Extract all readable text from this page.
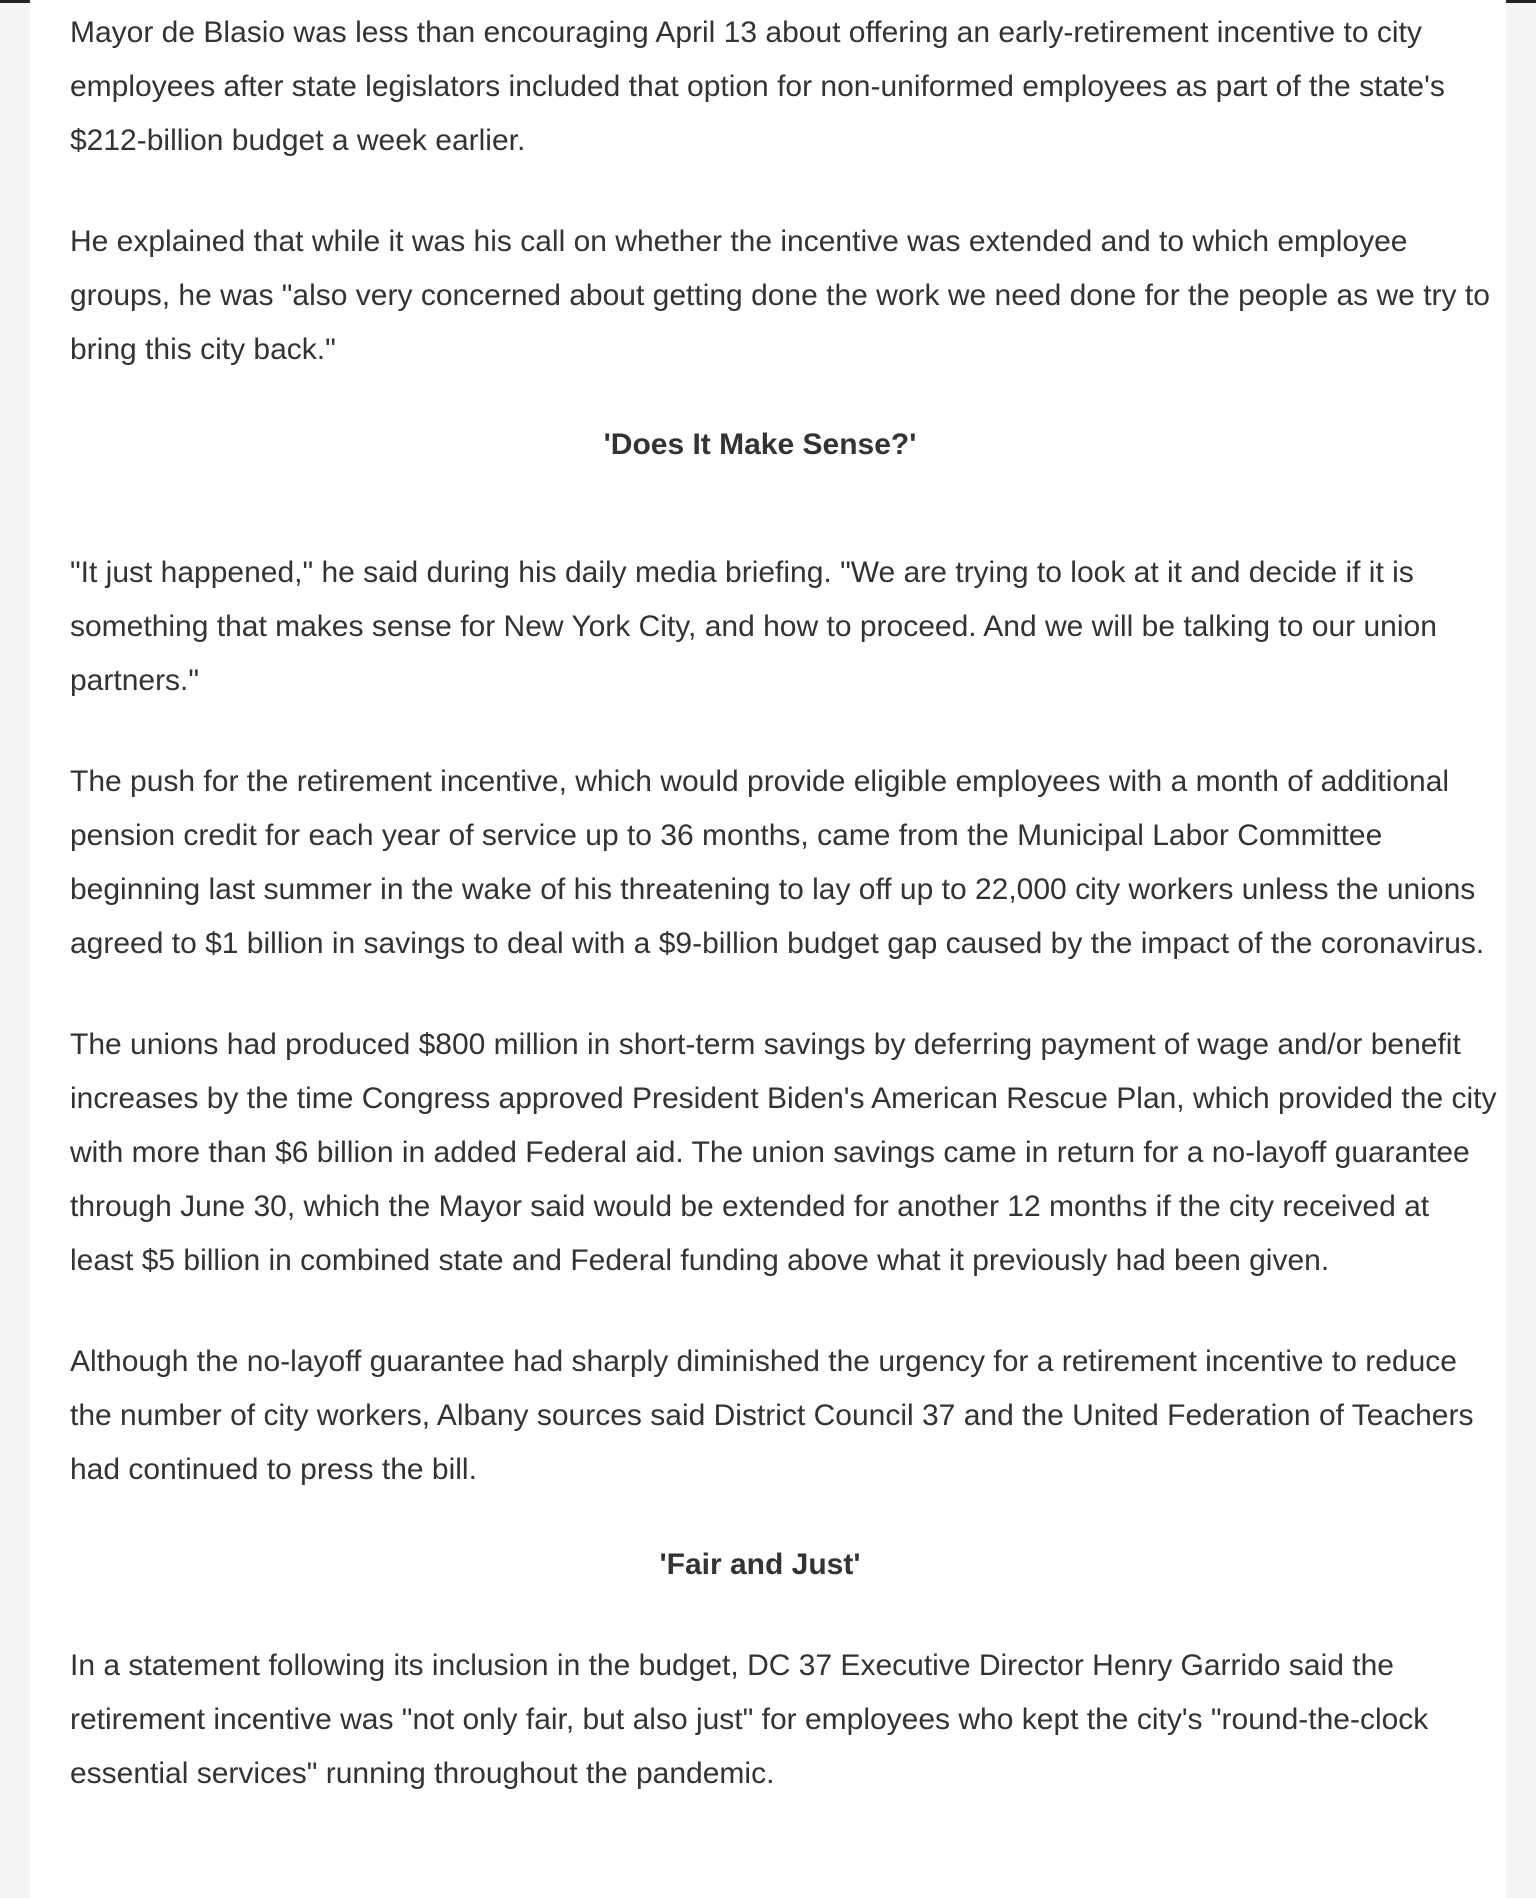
Mayor de Blasio was less than encouraging April 13 about offering an early-retirement incentive to city employees after state legislators included that option for non-uniformed employees as part of the state's $212-billion budget a week earlier.

He explained that while it was his call on whether the incentive was extended and to which employee groups, he was "also very concerned about getting done the work we need done for the people as we try to bring this city back."

'Does It Make Sense?'

"It just happened," he said during his daily media briefing. "We are trying to look at it and decide if it is something that makes sense for New York City, and how to proceed. And we will be talking to our union partners."

The push for the retirement incentive, which would provide eligible employees with a month of additional pension credit for each year of service up to 36 months, came from the Municipal Labor Committee beginning last summer in the wake of his threatening to lay off up to 22,000 city workers unless the unions agreed to $1 billion in savings to deal with a $9-billion budget gap caused by the impact of the coronavirus.

The unions had produced $800 million in short-term savings by deferring payment of wage and/or benefit increases by the time Congress approved President Biden's American Rescue Plan, which provided the city with more than $6 billion in added Federal aid. The union savings came in return for a no-layoff guarantee through June 30, which the Mayor said would be extended for another 12 months if the city received at least $5 billion in combined state and Federal funding above what it previously had been given.

Although the no-layoff guarantee had sharply diminished the urgency for a retirement incentive to reduce the number of city workers, Albany sources said District Council 37 and the United Federation of Teachers had continued to press the bill.

'Fair and Just'

In a statement following its inclusion in the budget, DC 37 Executive Director Henry Garrido said the retirement incentive was "not only fair, but also just" for employees who kept the city's "round-the-clock essential services" running throughout the pandemic.
